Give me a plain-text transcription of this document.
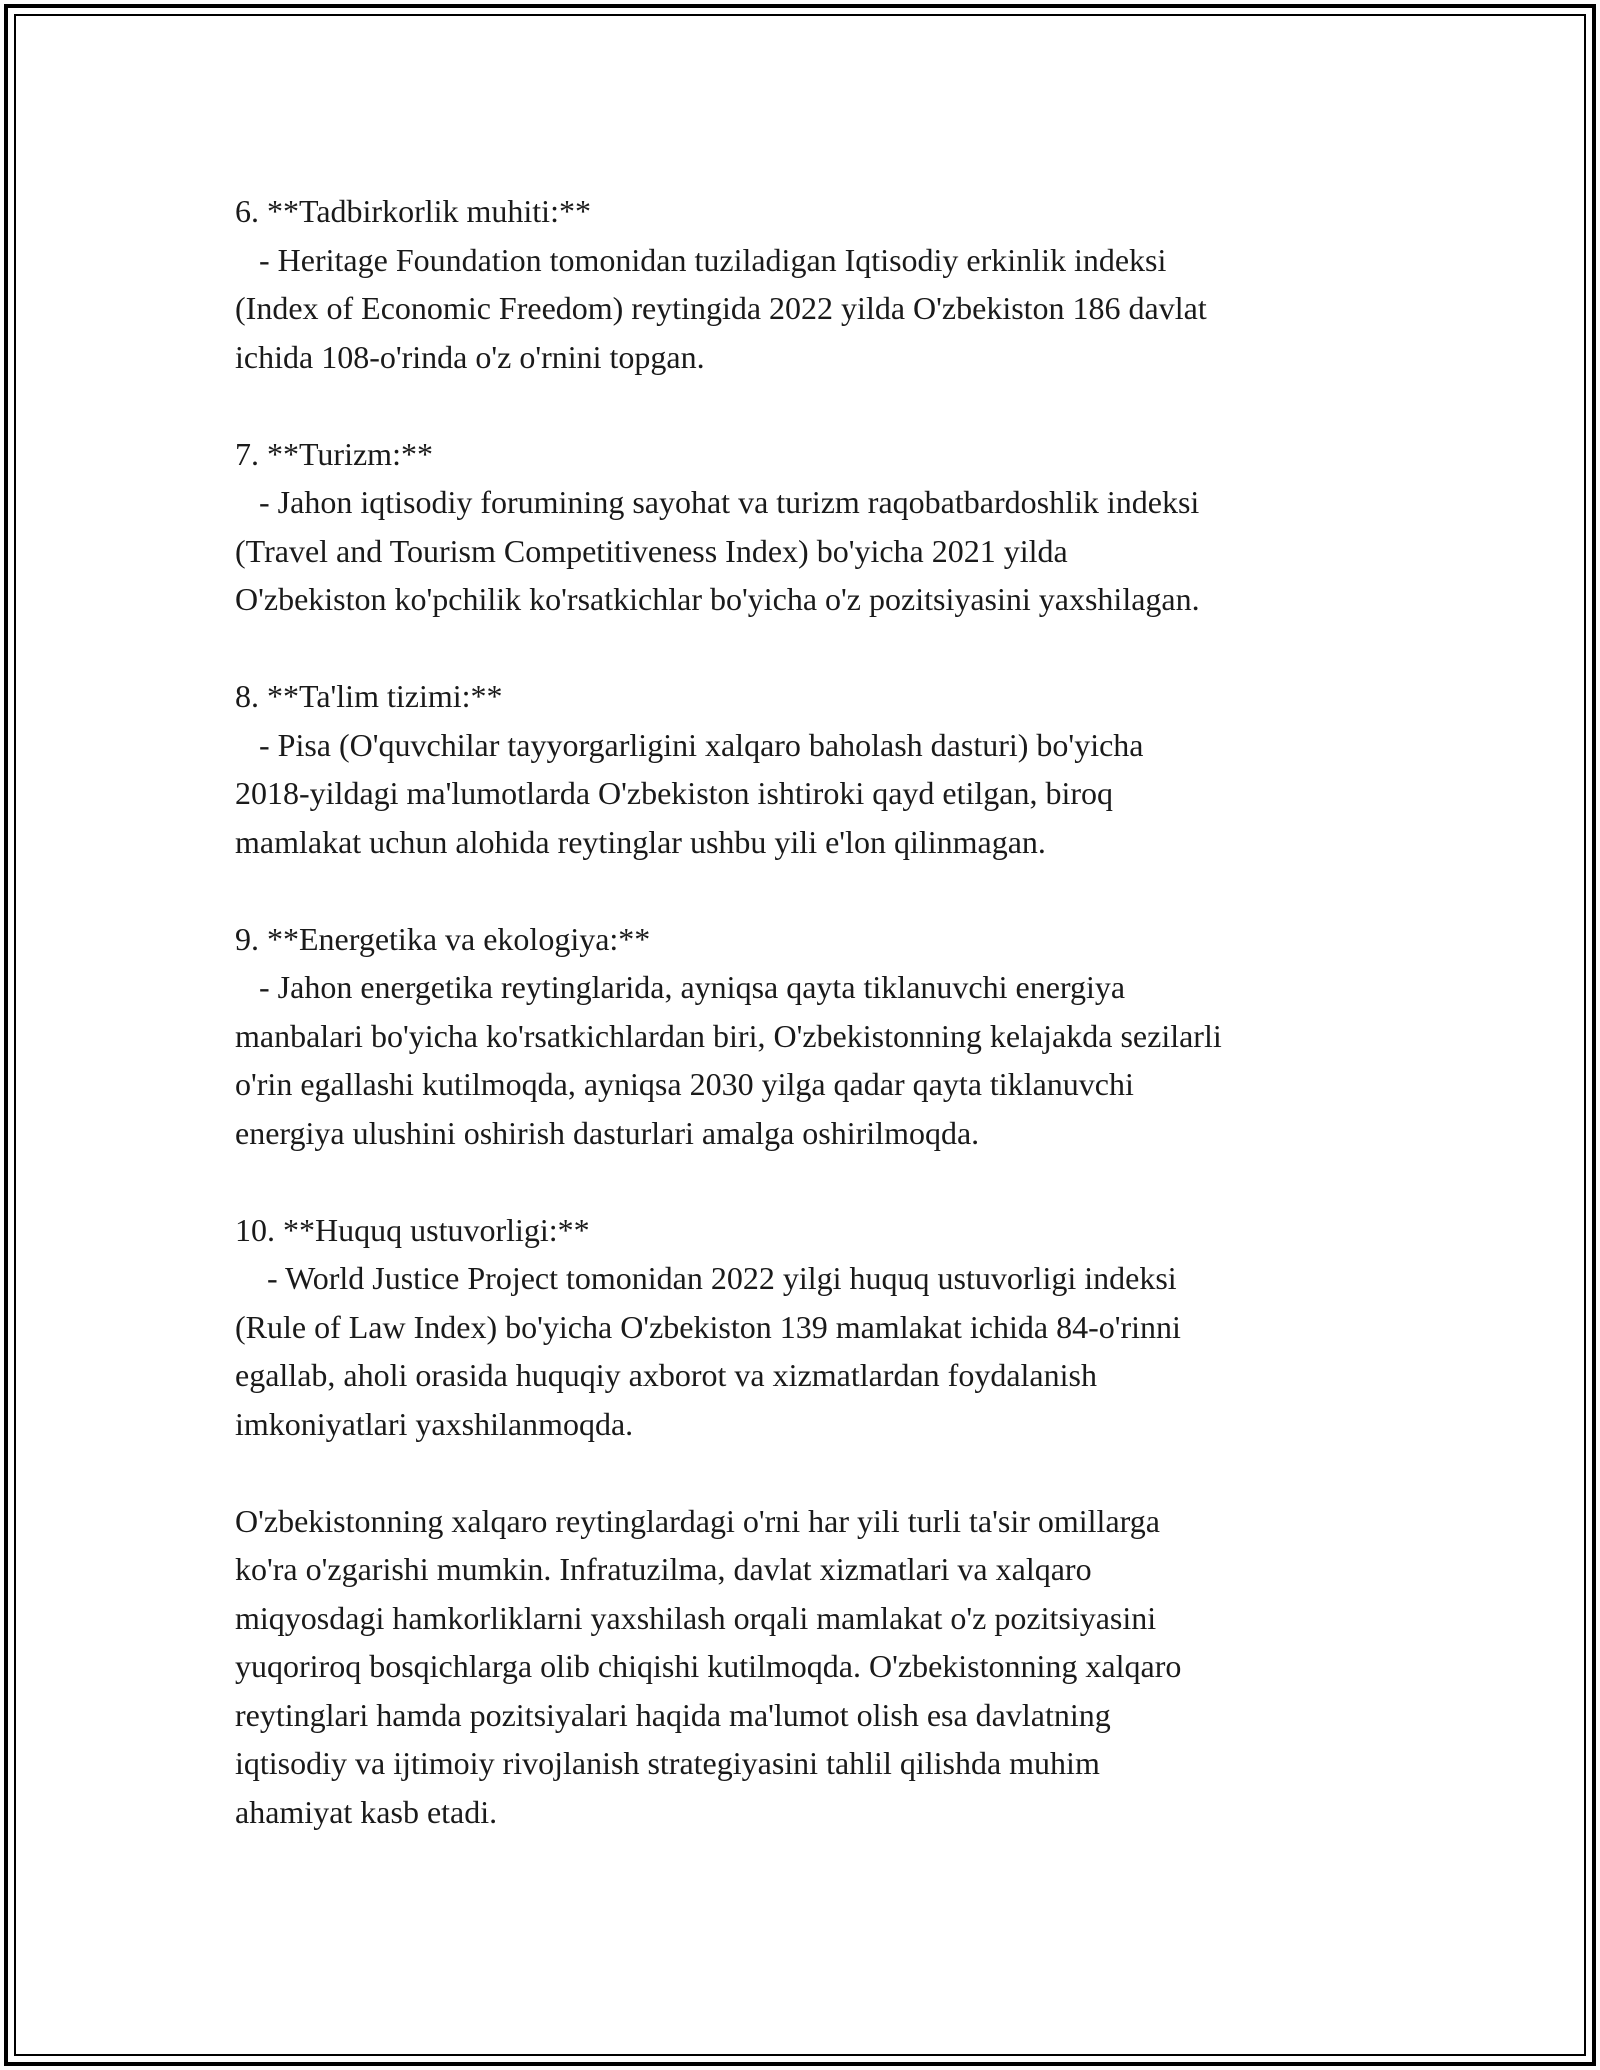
6. **Tadbirkorlik muhiti:**

- Heritage Foundation tomonidan tuziladigan Iqtisodiy erkinlik indeksi

(Index of Economic Freedom) reytingida 2022 yilda O'zbekiston 186 davlat

ichida 108-o'rinda o'z o'rnini topgan.

7. **Turizm:**

- Jahon iqtisodiy forumining sayohat va turizm raqobatbardoshlik indeksi

(Travel and Tourism Competitiveness Index) bo'yicha 2021 yilda

O'zbekiston ko'pchilik ko'rsatkichlar bo'yicha o'z pozitsiyasini yaxshilagan.

8. **Ta'lim tizimi:**

- Pisa (O'quvchilar tayyorgarligini xalqaro baholash dasturi) bo'yicha

2018-yildagi ma'lumotlarda O'zbekiston ishtiroki qayd etilgan, biroq

mamlakat uchun alohida reytinglar ushbu yili e'lon qilinmagan.

9. **Energetika va ekologiya:**

- Jahon energetika reytinglarida, ayniqsa qayta tiklanuvchi energiya

manbalari bo'yicha ko'rsatkichlardan biri, O'zbekistonning kelajakda sezilarli

o'rin egallashi kutilmoqda, ayniqsa 2030 yilga qadar qayta tiklanuvchi

energiya ulushini oshirish dasturlari amalga oshirilmoqda.

10. **Huquq ustuvorligi:**

- World Justice Project tomonidan 2022 yilgi huquq ustuvorligi indeksi

(Rule of Law Index) bo'yicha O'zbekiston 139 mamlakat ichida 84-o'rinni

egallab, aholi orasida huquqiy axborot va xizmatlardan foydalanish

imkoniyatlari yaxshilanmoqda.

O'zbekistonning xalqaro reytinglardagi o'rni har yili turli ta'sir omillarga

ko'ra o'zgarishi mumkin. Infratuzilma, davlat xizmatlari va xalqaro

miqyosdagi hamkorliklarni yaxshilash orqali mamlakat o'z pozitsiyasini

yuqoriroq bosqichlarga olib chiqishi kutilmoqda. O'zbekistonning xalqaro

reytinglari hamda pozitsiyalari haqida ma'lumot olish esa davlatning

iqtisodiy va ijtimoiy rivojlanish strategiyasini tahlil qilishda muhim

ahamiyat kasb etadi.
